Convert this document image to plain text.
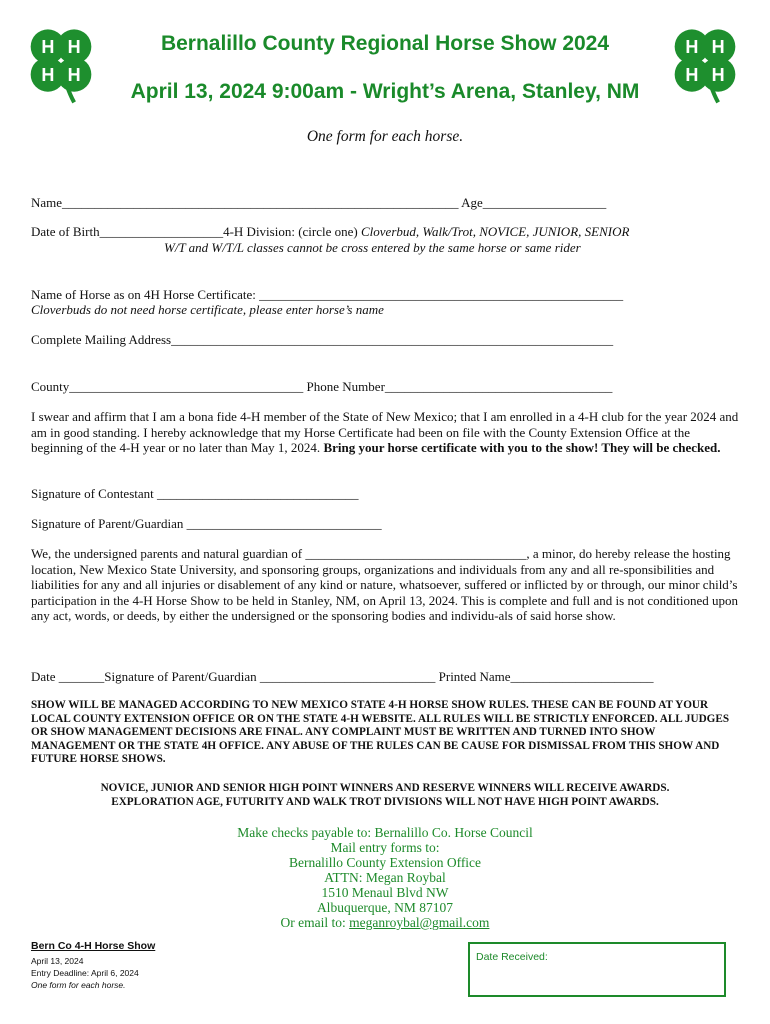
H H
H H
H H
H H
Bernalillo County Regional Horse Show 2024
April 13, 2024 9:00am - Wright’s Arena, Stanley, NM
One form for each horse.
Name_____________________________________________________________ Age___________________
Date of Birth___________________4-H Division: (circle one) Cloverbud, Walk/Trot, NOVICE, JUNIOR, SENIOR
W/T and W/T/L classes cannot be cross entered by the same horse or same rider
Name of Horse as on 4H Horse Certificate: ________________________________________________________
Cloverbuds do not need horse certificate, please enter horse’s name
Complete Mailing Address____________________________________________________________________
County____________________________________ Phone Number___________________________________
I swear and affirm that I am a bona fide 4-H member of the State of New Mexico; that I am enrolled in a 4-H club for the year 2024 and am in good standing. I hereby acknowledge that my Horse Certificate had been on file with the County Extension Office at the beginning of the 4-H year or no later than May 1, 2024. Bring your horse certificate with you to the show! They will be checked.
Signature of Contestant _______________________________
Signature of Parent/Guardian ______________________________
We, the undersigned parents and natural guardian of __________________________________, a minor, do hereby release the hosting location, New Mexico State University, and sponsoring groups, organizations and individuals from any and all re-sponsibilities and liabilities for any and all injuries or disablement of any kind or nature, whatsoever, suffered or inflicted by or through, our minor child’s participation in the 4-H Horse Show to be held in Stanley, NM, on April 13, 2024. This is complete and full and is not conditioned upon any act, words, or deeds, by either the undersigned or the sponsoring bodies and individu-als of said horse show.
Date _______Signature of Parent/Guardian ___________________________ Printed Name______________________
SHOW WILL BE MANAGED ACCORDING TO NEW MEXICO STATE 4-H HORSE SHOW RULES. THESE CAN BE FOUND AT YOUR LOCAL COUNTY EXTENSION OFFICE OR ON THE STATE 4-H WEBSITE. ALL RULES WILL BE STRICTLY ENFORCED. ALL JUDGES OR SHOW MANAGEMENT DECISIONS ARE FINAL. ANY COMPLAINT MUST BE WRITTEN AND TURNED INTO SHOW MANAGEMENT OR THE STATE 4H OFFICE. ANY ABUSE OF THE RULES CAN BE CAUSE FOR DISMISSAL FROM THIS SHOW AND FUTURE HORSE SHOWS.
NOVICE, JUNIOR AND SENIOR HIGH POINT WINNERS AND RESERVE WINNERS WILL RECEIVE AWARDS.
EXPLORATION AGE, FUTURITY AND WALK TROT DIVISIONS WILL NOT HAVE HIGH POINT AWARDS.
Make checks payable to: Bernalillo Co. Horse Council
Mail entry forms to:
Bernalillo County Extension Office
ATTN: Megan Roybal
1510 Menaul Blvd NW
Albuquerque, NM 87107
Or email to: meganroybal@gmail.com
Bern Co 4-H Horse Show
April 13, 2024
Entry Deadline: April 6, 2024
One form for each horse.
Date Received:
